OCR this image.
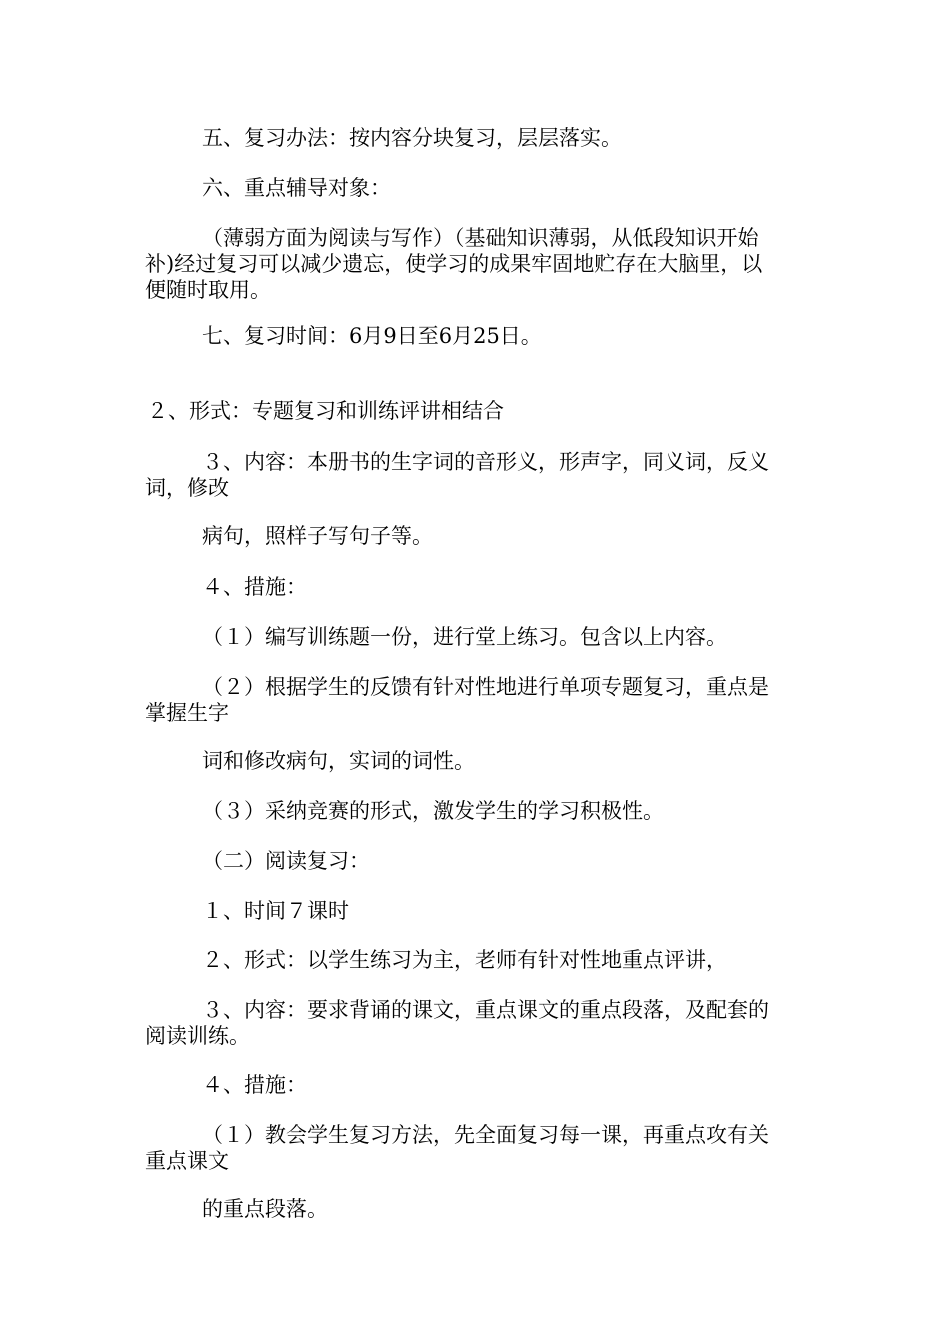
五、复习办法：按内容分块复习，层层落实。
六、重点辅导对象：
（薄弱方面为阅读与写作）（基础知识薄弱，从低段知识开始
补)经过复习可以减少遗忘，使学习的成果牢固地贮存在大脑里，以
便随时取用。
七、复习时间：6月9日至6月25日。
２、形式：专题复习和训练评讲相结合
３、内容：本册书的生字词的音形义，形声字，同义词，反义
词，修改
病句，照样子写句子等。
４、措施：
（１）编写训练题一份，进行堂上练习。包含以上内容。
（２）根据学生的反馈有针对性地进行单项专题复习，重点是
掌握生字
词和修改病句，实词的词性。
（３）采纳竞赛的形式，激发学生的学习积极性。
（二）阅读复习：
１、时间７课时
２、形式：以学生练习为主，老师有针对性地重点评讲，
３、内容：要求背诵的课文，重点课文的重点段落，及配套的
阅读训练。
４、措施：
（１）教会学生复习方法，先全面复习每一课，再重点攻有关
重点课文
的重点段落。
